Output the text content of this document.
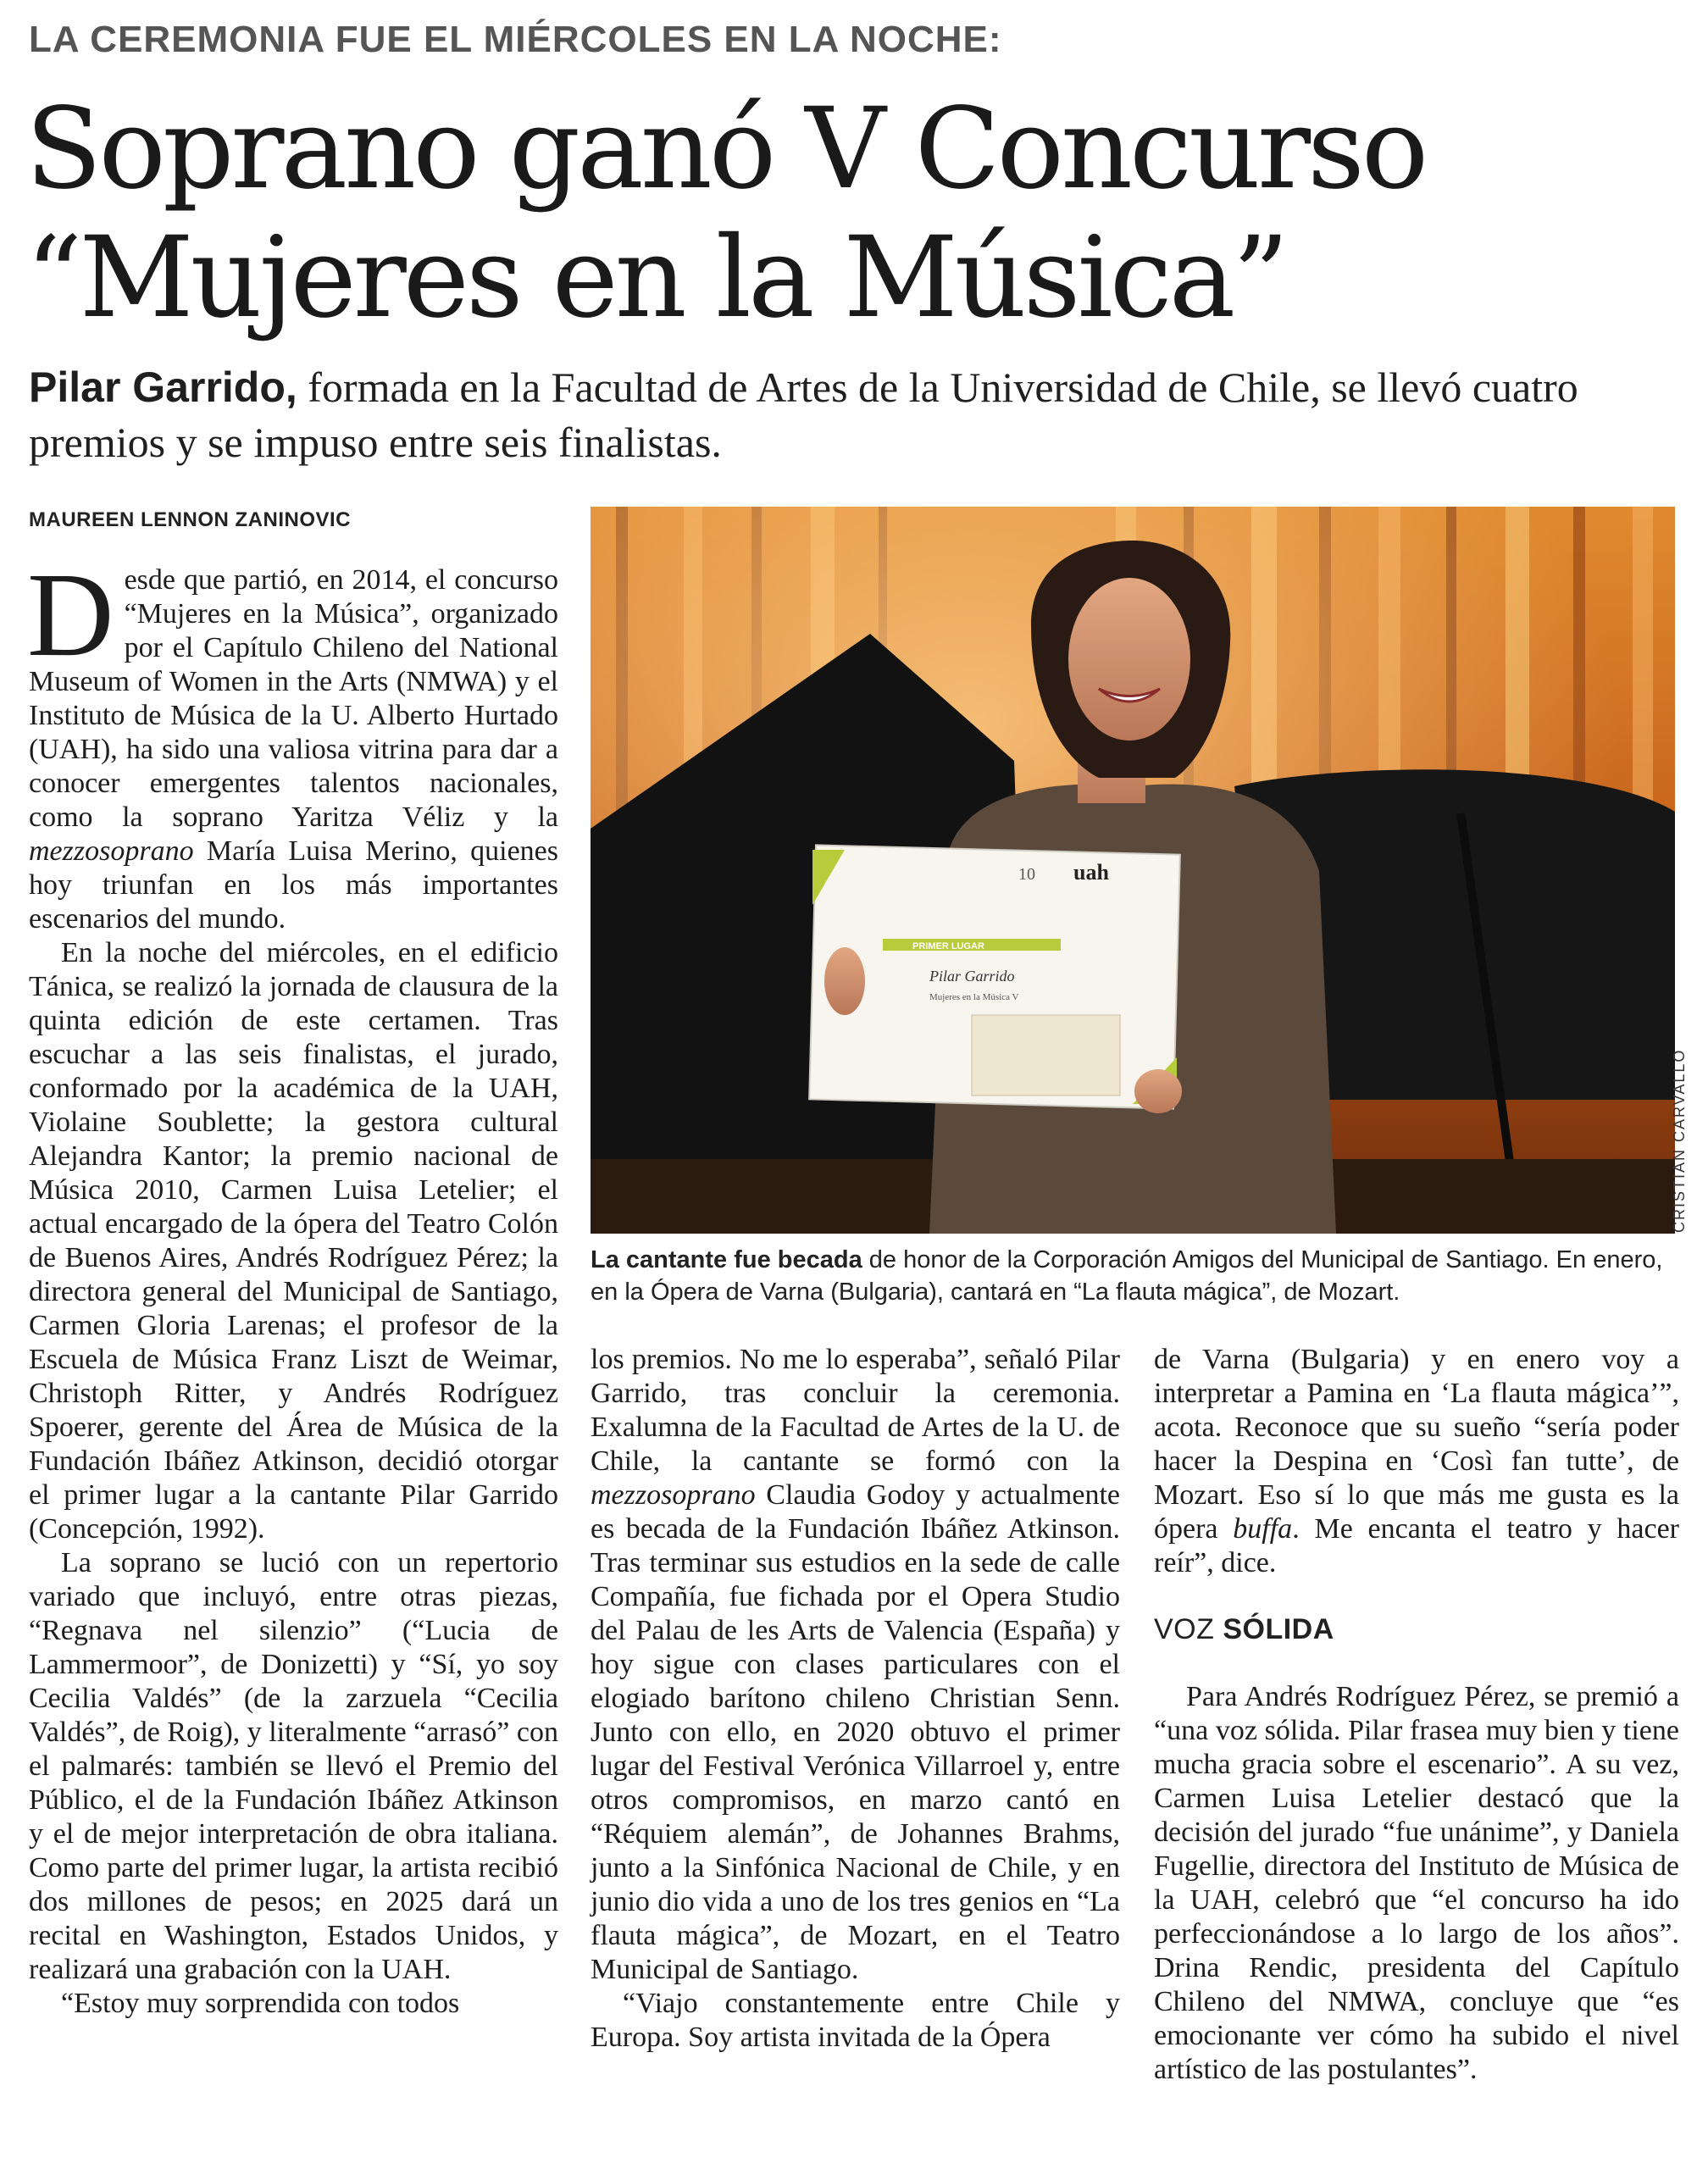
LA CEREMONIA FUE EL MIÉRCOLES EN LA NOCHE:
Soprano ganó V Concurso
“Mujeres en la Música”

Pilar Garrido, formada en la Facultad de Artes de la Universidad de Chile, se llevó cuatro premios y se impuso entre seis finalistas.

MAUREEN LENNON ZANINOVIC

Desde que partió, en 2014, el concurso “Mujeres en la Música”, organizado por el Capítulo Chileno del National Museum of Women in the Arts (NMWA) y el Instituto de Música de la U. Alberto Hurtado (UAH), ha sido una valiosa vitrina para dar a conocer emergentes talentos nacionales, como la soprano Yaritza Véliz y la mezzosoprano María Luisa Merino, quienes hoy triunfan en los más importantes escenarios del mundo.

En la noche del miércoles, en el edificio Tánica, se realizó la jornada de clausura de la quinta edición de este certamen. Tras escuchar a las seis finalistas, el jurado, conformado por la académica de la UAH, Violaine Soublette; la gestora cultural Alejandra Kantor; la premio nacional de Música 2010, Carmen Luisa Letelier; el actual encargado de la ópera del Teatro Colón de Buenos Aires, Andrés Rodríguez Pérez; la directora general del Municipal de Santiago, Carmen Gloria Larenas; el profesor de la Escuela de Música Franz Liszt de Weimar, Christoph Ritter, y Andrés Rodríguez Spoerer, gerente del Área de Música de la Fundación Ibáñez Atkinson, decidió otorgar el primer lugar a la cantante Pilar Garrido (Concepción, 1992).

La soprano se lució con un repertorio variado que incluyó, entre otras piezas, “Regnava nel silenzio” (“Lucia de Lammermoor”, de Donizetti) y “Sí, yo soy Cecilia Valdés” (de la zarzuela “Cecilia Valdés”, de Roig), y literalmente “arrasó” con el palmarés: también se llevó el Premio del Público, el de la Fundación Ibáñez Atkinson y el de mejor interpretación de obra italiana. Como parte del primer lugar, la artista recibió dos millones de pesos; en 2025 dará un recital en Washington, Estados Unidos, y realizará una grabación con la UAH.

“Estoy muy sorprendida con todos

uah
10
PRIMER LUGAR
Pilar Garrido
Mujeres en la Música V
CRISTIAN CARVALLO

La cantante fue becada de honor de la Corporación Amigos del Municipal de Santiago. En enero, en la Ópera de Varna (Bulgaria), cantará en “La flauta mágica”, de Mozart.

los premios. No me lo esperaba”, señaló Pilar Garrido, tras concluir la ceremonia. Exalumna de la Facultad de Artes de la U. de Chile, la cantante se formó con la mezzosoprano Claudia Godoy y actualmente es becada de la Fundación Ibáñez Atkinson. Tras terminar sus estudios en la sede de calle Compañía, fue fichada por el Opera Studio del Palau de les Arts de Valencia (España) y hoy sigue con clases particulares con el elogiado barítono chileno Christian Senn. Junto con ello, en 2020 obtuvo el primer lugar del Festival Verónica Villarroel y, entre otros compromisos, en marzo cantó en “Réquiem alemán”, de Johannes Brahms, junto a la Sinfónica Nacional de Chile, y en junio dio vida a uno de los tres genios en “La flauta mágica”, de Mozart, en el Teatro Municipal de Santiago.

“Viajo constantemente entre Chile y Europa. Soy artista invitada de la Ópera

de Varna (Bulgaria) y en enero voy a interpretar a Pamina en ‘La flauta mágica’”, acota. Reconoce que su sueño “sería poder hacer la Despina en ‘Così fan tutte’, de Mozart. Eso sí lo que más me gusta es la ópera buffa. Me encanta el teatro y hacer reír”, dice.

VOZ SÓLIDA

Para Andrés Rodríguez Pérez, se premió a “una voz sólida. Pilar frasea muy bien y tiene mucha gracia sobre el escenario”. A su vez, Carmen Luisa Letelier destacó que la decisión del jurado “fue unánime”, y Daniela Fugellie, directora del Instituto de Música de la UAH, celebró que “el concurso ha ido perfeccionándose a lo largo de los años”. Drina Rendic, presidenta del Capítulo Chileno del NMWA, concluye que “es emocionante ver cómo ha subido el nivel artístico de las postulantes”.
